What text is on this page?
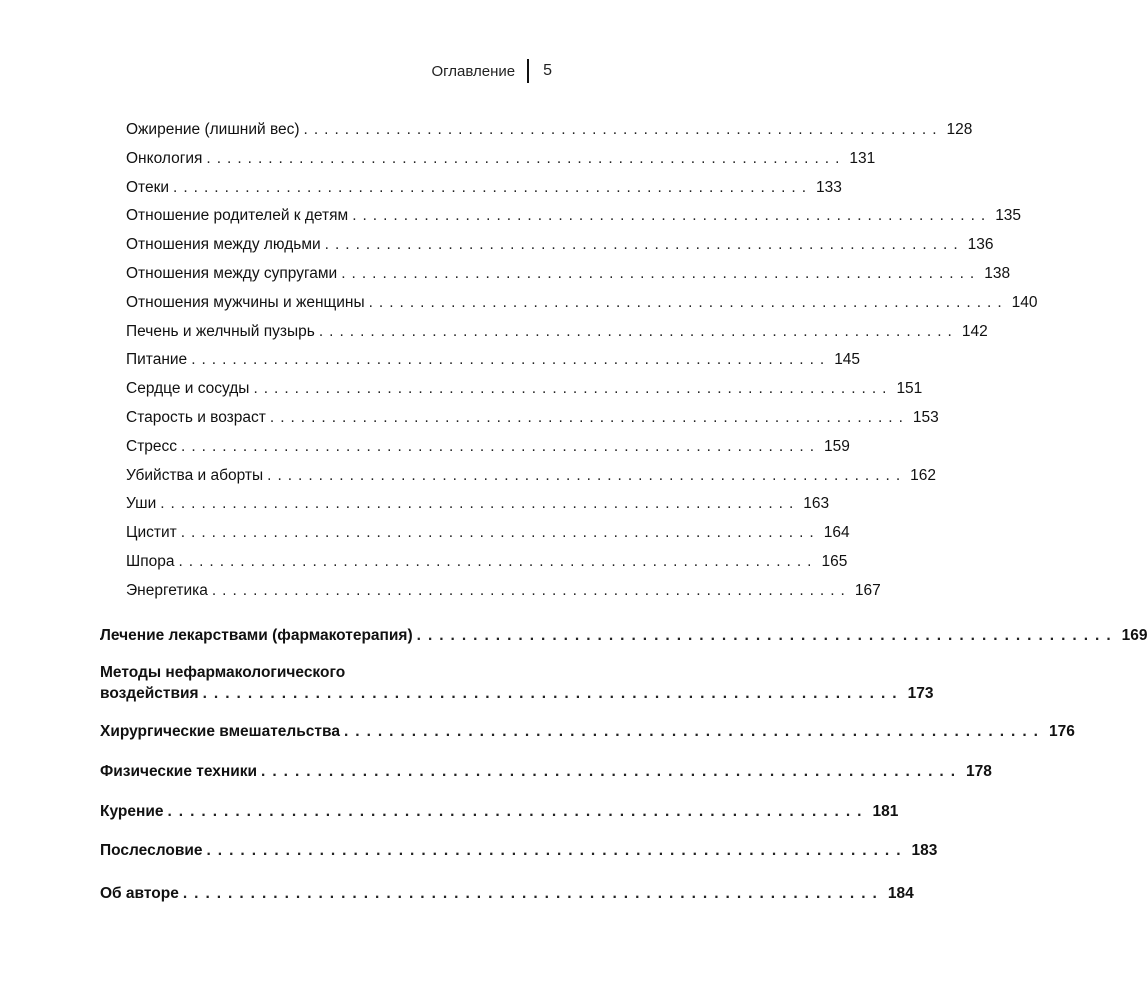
Оглавление 5
Ожирение (лишний вес) .............................................................. 128
Онкология .............................................................. 131
Отеки .............................................................. 133
Отношение родителей к детям .............................................................. 135
Отношения между людьми .............................................................. 136
Отношения между супругами .............................................................. 138
Отношения мужчины и женщины .............................................................. 140
Печень и желчный пузырь .............................................................. 142
Питание .............................................................. 145
Сердце и сосуды .............................................................. 151
Старость и возраст .............................................................. 153
Стресс .............................................................. 159
Убийства и аборты .............................................................. 162
Уши .............................................................. 163
Цистит .............................................................. 164
Шпора .............................................................. 165
Энергетика .............................................................. 167
Лечение лекарствами (фармакотерапия) .............................................................. 169
Методы нефармакологического
воздействия .............................................................. 173
Хирургические вмешательства .............................................................. 176
Физические техники .............................................................. 178
Курение .............................................................. 181
Послесловие .............................................................. 183
Об авторе .............................................................. 184
